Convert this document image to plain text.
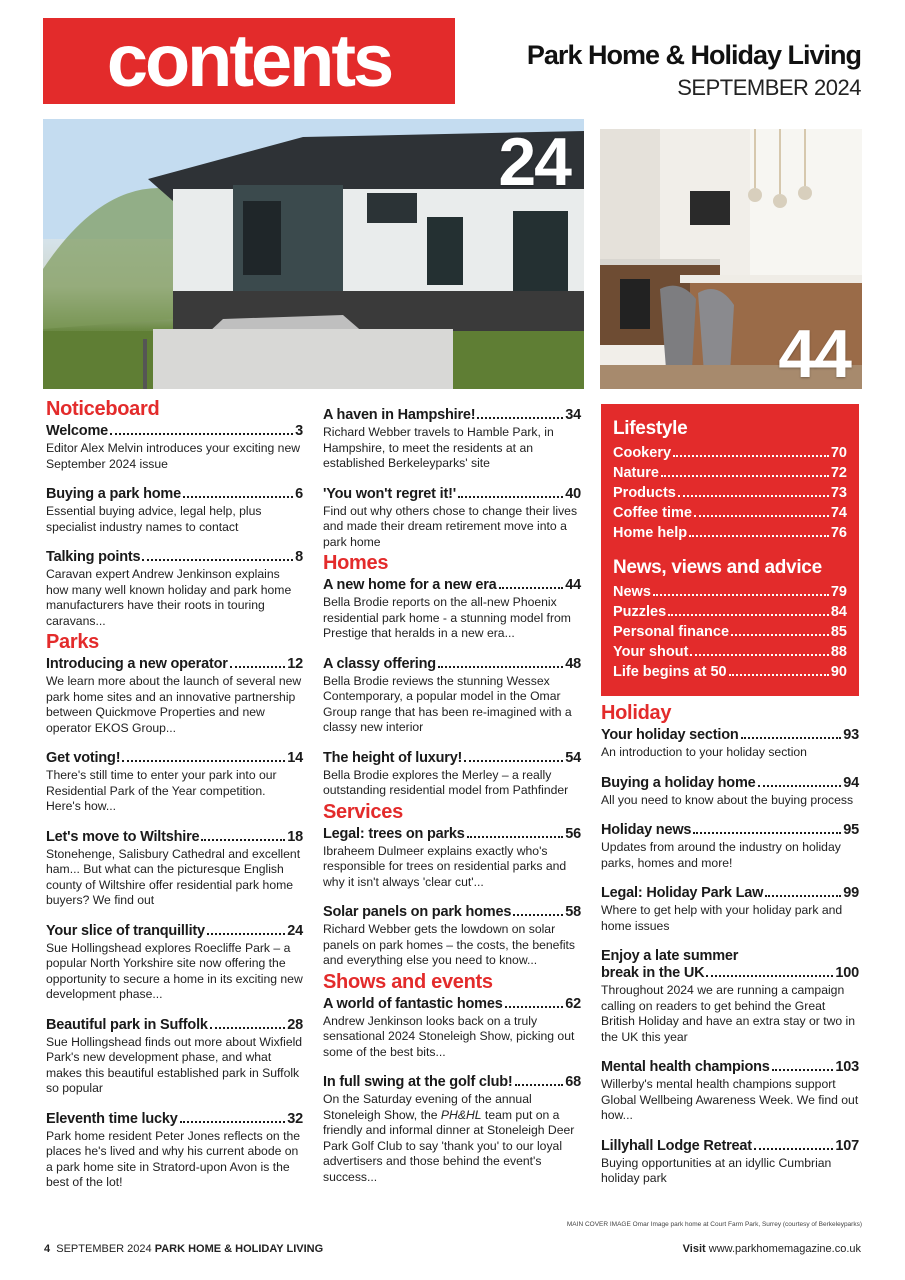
contents	Park Home & Holiday Living
SEPTEMBER 2024
24
44
Noticeboard
Welcome	3
Editor Alex Melvin introduces your exciting new September 2024 issue
Buying a park home	6
Essential buying advice, legal help, plus specialist industry names to contact
Talking points	8
Caravan expert Andrew Jenkinson explains how many well known holiday and park home manufacturers have their roots in touring caravans...
Parks
Introducing a new operator	12
We learn more about the launch of several new park home sites and an innovative partnership between Quickmove Properties and new operator EKOS Group...
Get voting!	14
There's still time to enter your park into our Residential Park of the Year competition. Here's how...
Let's move to Wiltshire	18
Stonehenge, Salisbury Cathedral and excellent ham... But what can the picturesque English county of Wiltshire offer residential park home buyers? We find out
Your slice of tranquillity	24
Sue Hollingshead explores Roecliffe Park – a popular North Yorkshire site now offering the opportunity to secure a home in its exciting new development phase...
Beautiful park in Suffolk	28
Sue Hollingshead finds out more about Wixfield Park's new development phase, and what makes this beautiful established park in Suffolk so popular
Eleventh time lucky	32
Park home resident Peter Jones reflects on the places he's lived and why his current abode on a park home site in Stratord-upon Avon is the best of the lot!
A haven in Hampshire!	34
Richard Webber travels to Hamble Park, in Hampshire, to meet the residents at an established Berkeleyparks' site
'You won't regret it!'	40
Find out why others chose to change their lives and made their dream retirement move into a park home
Homes
A new home for a new era	44
Bella Brodie reports on the all-new Phoenix residential park home - a stunning model from Prestige that heralds in a new era...
A classy offering	48
Bella Brodie reviews the stunning Wessex Contemporary, a popular model in the Omar Group range that has been re-imagined with a classy new interior
The height of luxury!	54
Bella Brodie explores the Merley – a really outstanding residential model from Pathfinder
Services
Legal: trees on parks	56
Ibraheem Dulmeer explains exactly who's responsible for trees on residential parks and why it isn't always 'clear cut'...
Solar panels on park homes	58
Richard Webber gets the lowdown on solar panels on park homes – the costs, the benefits and everything else you need to know...
Shows and events
A world of fantastic homes	62
Andrew Jenkinson looks back on a truly sensational 2024 Stoneleigh Show, picking out some of the best bits...
In full swing at the golf club!	68
On the Saturday evening of the annual Stoneleigh Show, the PH&HL team put on a friendly and informal dinner at Stoneleigh Deer Park Golf Club to say 'thank you' to our loyal advertisers and those behind the event's success...
Lifestyle
Cookery	70
Nature	72
Products	73
Coffee time	74
Home help	76
News, views and advice
News	79
Puzzles	84
Personal finance	85
Your shout	88
Life begins at 50	90
Holiday
Your holiday section	93
An introduction to your holiday section
Buying a holiday home	94
All you need to know about the buying process
Holiday news	95
Updates from around the industry on holiday parks, homes and more!
Legal: Holiday Park Law	99
Where to get help with your holiday park and home issues
Enjoy a late summer
break in the UK	100
Throughout 2024 we are running a campaign calling on readers to get behind the Great British Holiday and have an extra stay or two in the UK this year
Mental health champions	103
Willerby's mental health champions support Global Wellbeing Awareness Week. We find out how...
Lillyhall Lodge Retreat	107
Buying opportunities at an idyllic Cumbrian holiday park
MAIN COVER IMAGE Omar Image park home at Court Farm Park, Surrey (courtesy of Berkeleyparks)
4 SEPTEMBER 2024 PARK HOME & HOLIDAY LIVING	Visit www.parkhomemagazine.co.uk
